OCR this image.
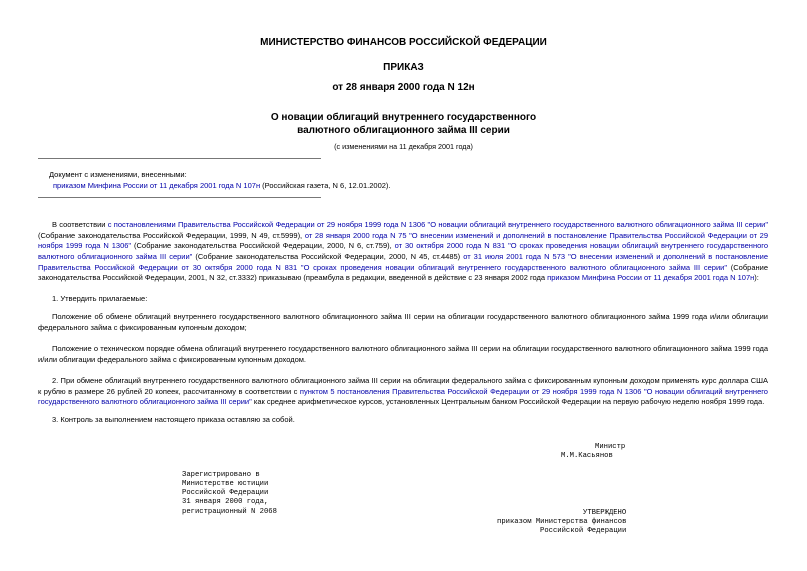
МИНИСТЕРСТВО ФИНАНСОВ РОССИЙСКОЙ ФЕДЕРАЦИИ
ПРИКАЗ
от 28 января 2000 года N 12н
О новации облигаций внутреннего государственного
валютного облигационного займа III серии
(с изменениями на 11 декабря 2001 года)
Документ с изменениями, внесенными:
приказом Минфина России от 11 декабря 2001 года N 107н (Российская газета, N 6, 12.01.2002).
В соответствии с постановлениями Правительства Российской Федерации от 29 ноября 1999 года N 1306 "О новации облигаций внутреннего государственного валютного облигационного займа III серии" (Собрание законодательства Российской Федерации, 1999, N 49, ст.5999), от 28 января 2000 года N 75 "О внесении изменений и дополнений в постановление Правительства Российской Федерации от 29 ноября 1999 года N 1306" (Собрание законодательства Российской Федерации, 2000, N 6, ст.759), от 30 октября 2000 года N 831 "О сроках проведения новации облигаций внутреннего государственного валютного облигационного займа III серии" (Собрание законодательства Российской Федерации, 2000, N 45, ст.4485) от 31 июля 2001 года N 573 "О внесении изменений и дополнений в постановление Правительства Российской Федерации от 30 октября 2000 года N 831 "О сроках проведения новации облигаций внутреннего государственного валютного облигационного займа III серии" (Собрание законодательства Российской Федерации, 2001, N 32, ст.3332) приказываю (преамбула в редакции, введенной в действие с 23 января 2002 года приказом Минфина России от 11 декабря 2001 года N 107н):
1. Утвердить прилагаемые:
Положение об обмене облигаций внутреннего государственного валютного облигационного займа III серии на облигации государственного валютного облигационного займа 1999 года и/или облигации федерального займа с фиксированным купонным доходом;
Положение о техническом порядке обмена облигаций внутреннего государственного валютного облигационного займа III серии на облигации государственного валютного облигационного займа 1999 года и/или облигации федерального займа с фиксированным купонным доходом.
2. При обмене облигаций внутреннего государственного валютного облигационного займа III серии на облигации федерального займа с фиксированным купонным доходом применять курс доллара США к рублю в размере 26 рублей 20 копеек, рассчитанному в соответствии с пунктом 5 постановления Правительства Российской Федерации от 29 ноября 1999 года N 1306 "О новации облигаций внутреннего государственного валютного облигационного займа III серии" как среднее арифметическое курсов, установленных Центральным банком Российской Федерации на первую рабочую неделю ноября 1999 года.
3. Контроль за выполнением настоящего приказа оставляю за собой.
Министр
М.М.Касьянов
Зарегистрировано в
Министерстве юстиции
Российской Федерации
31 января 2000 года,
регистрационный N 2068	УТВЕРЖДЕНО
приказом Министерства финансов
Российской Федерации
